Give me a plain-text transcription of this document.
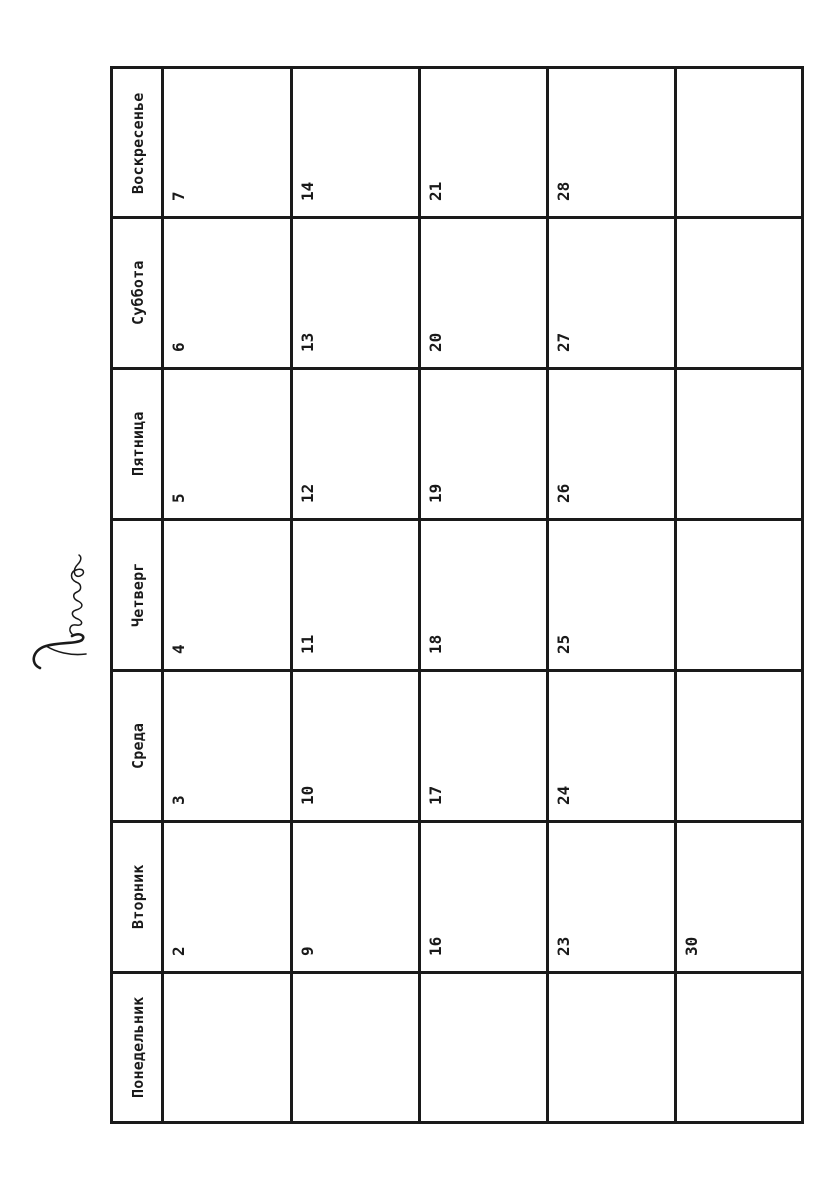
Понедельник
Вторник
Среда
Четверг
Пятница
Суббота
Воскресенье
2
3
4
5
6
7
9
10
11
12
13
14
16
17
18
19
20
21
23
24
25
26
27
28
30
